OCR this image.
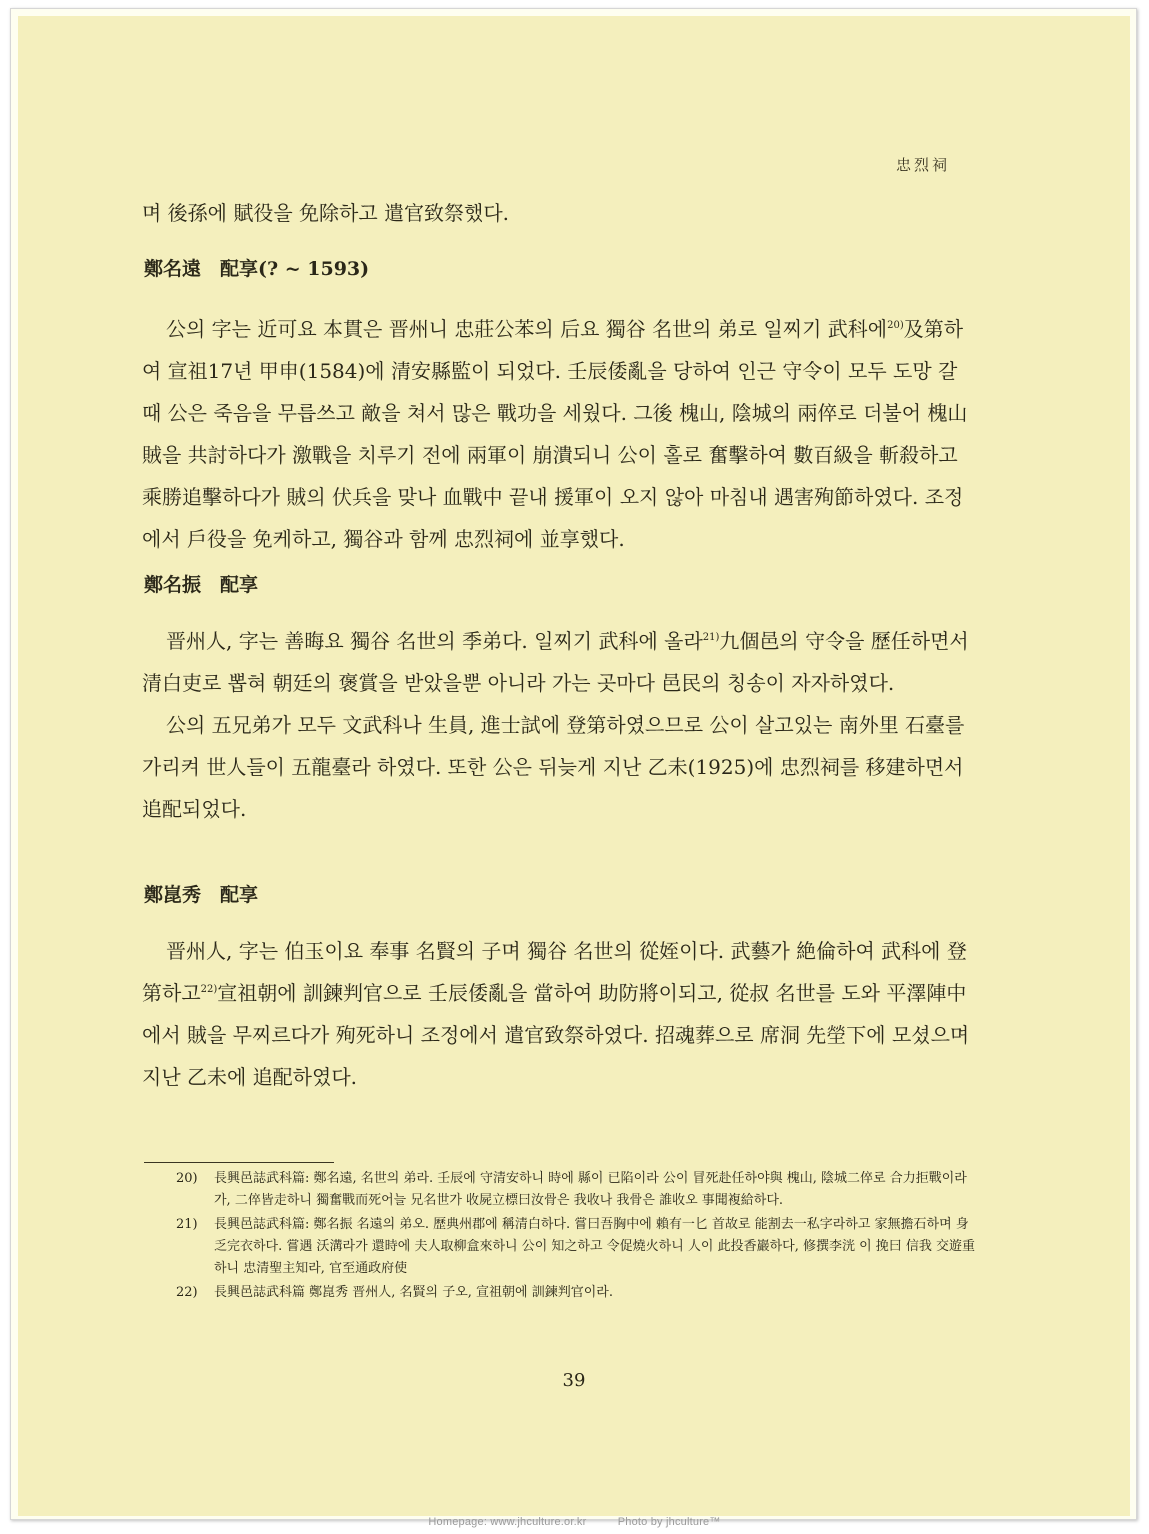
忠烈祠
며 後孫에 賦役을 免除하고 遣官致祭했다.
鄭名遠　配享(? ~ 1593)

公의 字는 近可요 本貫은 晋州니 忠莊公苯의 后요 獨谷 名世의 弟로 일찌기 武科에$^{20)}$及第하여 宣祖17년 甲申(1584)에 清安縣監이 되었다. 壬辰倭亂을 당하여 인근 守令이 모두 도망 갈때 公은 죽음을 무릅쓰고 敵을 쳐서 많은 戰功을 세웠다. 그後 槐山, 陰城의 兩倅로 더불어 槐山賊을 共討하다가 激戰을 치루기 전에 兩軍이 崩潰되니 公이 홀로 奮擊하여 數百級을 斬殺하고 乘勝追擊하다가 賊의 伏兵을 맞나 血戰中 끝내 援軍이 오지 않아 마침내 遇害殉節하였다. 조정에서 戶役을 免케하고, 獨谷과 함께 忠烈祠에 並享했다.

鄭名振　配享

晋州人, 字는 善晦요 獨谷 名世의 季弟다. 일찌기 武科에 올라$^{21)}$九個邑의 守令을 歷任하면서 清白吏로 뽑혀 朝廷의 褒賞을 받았을뿐 아니라 가는 곳마다 邑民의 칭송이 자자하였다.

公의 五兄弟가 모두 文武科나 生員, 進士試에 登第하였으므로 公이 살고있는 南外里 石臺를 가리켜 世人들이 五龍臺라 하였다. 또한 公은 뒤늦게 지난 乙未(1925)에 忠烈祠를 移建하면서 追配되었다.

鄭崑秀　配享

晋州人, 字는 伯玉이요 奉事 名賢의 子며 獨谷 名世의 從姪이다. 武藝가 絶倫하여 武科에 登第하고$^{22)}$宣祖朝에 訓鍊判官으로 壬辰倭亂을 當하여 助防將이되고, 從叔 名世를 도와 平澤陣中에서 賊을 무찌르다가 殉死하니 조정에서 遣官致祭하였다. 招魂葬으로 席洞 先塋下에 모셨으며 지난 乙未에 追配하였다.

20) 長興邑誌武科篇: 鄭名遠, 名世의 弟라. 壬辰에 守清安하니 時에 縣이 已陷이라 公이 冒死赴任하야與 槐山, 陰城二倅로 合力拒戰이라가, 二倅皆走하니 獨奮戰而死어늘 兄名世가 收屍立標曰汝骨은 我收나 我骨은 誰收오 事聞複給하다.
21) 長興邑誌武科篇: 鄭名振 名遠의 弟오. 歷典州郡에 稱清白하다. 嘗曰吾胸中에 賴有一匕 首故로 能割去一私字라하고 家無擔石하며 身乏完衣하다. 嘗遇 沃溝라가 還時에 夫人取柳盒來하니 公이 知之하고 令促燒火하니 人이 此投香巖하다, 修撰李洸 이 挽曰 信我 交遊重하니 忠清聖主知라, 官至通政府使
22) 長興邑誌武科篇 鄭崑秀 晋州人, 名賢의 子오, 宣祖朝에 訓鍊判官이라.
39
Homepage: www.jhculture.or.kr	Photo by jhculture™
